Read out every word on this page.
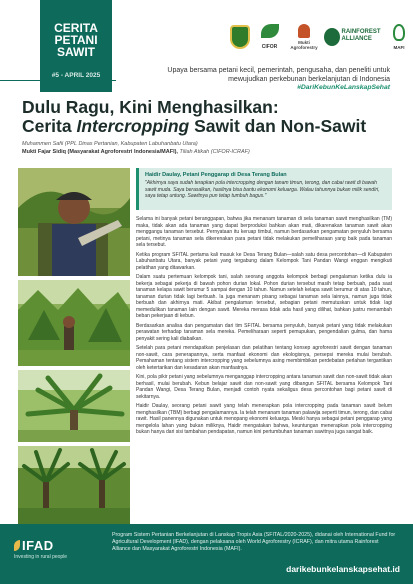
CERITA
PETANI
SAWIT
#5 - APRIL 2025
CIFOR
Mukti Agroforestry
RAINFOREST ALLIANCE
MAFI
Upaya bersama petani kecil, pemerintah, pengusaha, dan peneliti untuk mewujudkan perkebunan berkelanjutan di Indonesia
#DariKebunKeLanskapSehat
Dulu Ragu, Kini Menghasilkan:
Cerita Intercropping Sawit dan Non-Sawit
Muhammen Safii (PPL Dinas Pertanian, Kabupaten Labuhanbatu Utara)
Mukti Fajar Sidiq (Masyarakat Agroforestri Indonesia/MAFI), Tiliah Atikah (CIFOR-ICRAF)
Haidir Daulay, Petani Penggarap di Desa Terang Bulan
"Akhirnya saya sudah terapkan pola intercropping dengan tanam timun, terong, dan cabai rawit di bawah sawit muda. Saya berasalkan, hasilnya bisa bantu ekonomi keluarga. Walau tahunnya bukan milik sendiri, saya tetap untung. Sawitnya pun tetap tumbuh bagus."

Selama ini banyak petani beranggapan, bahwa jika menanam tanaman di sela tanaman sawit menghasilkan (TM) maka, tidak akan ada tanaman yang dapat berproduksi bahkan akan mati, dikarenakan tanaman sawit akan menggangu tanaman tersebut. Pernyataan itu keruap timbul, namun berdasarkan pengamatan penyuluh bersama petani, metinya tanaman sela dikerenakan para petani tidak melakukan pemeliharaan yang baik pada tanaman sela tersebut.

Ketika program SFITAL pertama kali masuk ke Desa Terang Bulan—salah satu desa percontohan—di Kabupaten Labuhanbatu Utara, banyak petani yang tergabung dalam Kelompok Tani Pandan Wangi enggan mengikuti pelatihan yang ditawarkan.

Dalam suatu pertemuan kelompok tani, salah seorang anggota kelompok berbagi pengalaman ketika dulu ia bekerja sebagai pekerja di bawah pohon durian lokal. Pohon durian tersebut masih tetap berbuah, pada saat tanaman kelapa sawit berumur 5 sampai dengan 10 tahun. Namun setelah kelapa sawit berumur di atas 10 tahun, tanaman durian tidak lagi berbuah. Ia juga menanam pisang sebagai tanaman sela lainnya, namun juga tidak berbuah dan akhirnya mati. Akibat pengalaman tersebut, sebagian petani memutuskan untuk tidak lagi memedulikan tanaman lain dengan sawit. Mereka merasa tidak ada hasil yang dilihat, bahkan justru menambah beban pekerjaan di kebun.

Berdasarkan analisa dan pengamatan dari tim SFITAL bersama penyuluh, banyak petani yang tidak melakukan perawatan terhadap tanaman sela mereka. Pemeliharaan seperti pemupukan, pengendalian gulma, dan hama penyakit sering kali diabaikan.

Setelah para petani mendapatkan penjelasan dan pelatihan tentang konsep agroforestri sawit dengan tanaman non-sawit, cara penerapannya, serta manfaat ekonomi dan ekologisnya, persepsi mereka mulai berubah. Pemahaman tentang sistem intercropping yang sebelumnya asing membimbikan perdebatan perlahan tergantikan oleh ketertarikan dan kesadaran akan manfaatnya.

Kini, pola pikir petani yang sebelumnya menganggap intercropping antara tanaman sawit dan non-sawit tidak akan berhasil, mulai berubah. Kebun belajar sawit dan non-sawit yang dibangun SFITAL bersama Kelompok Tani Pandan Wangi, Desa Terang Bulan, menjadi contoh nyata sekaligus desa percontohan bagi petani sawit di sekitarnya.

Haidir Daulay, seorang petani sawit yang telah menerapkan pola intercropping pada tanaman sawit belum menghasilkan (TBM) berbagi pengalamannya. Ia telah menanam tanaman palawija seperti timun, terong, dan cabai rawit. Hasil panennya digunakan untuk menopang ekonomi keluarga. Meski hanya sebagai petani penggarap yang mengelola lahan yang bukan miliknya, Haidir mengatakan bahwa, keuntungan menerapkan pola intercropping bukan hanya dari sisi tambahan pendapatan, namun kini pertumbuhan tanaman sawitnya juga sangat baik.

IFAD
Investing in rural people
Program Sistem Pertanian Berkelanjutan di Lanskap Tropis Asia (SFITAL/2020-2025), didanai oleh International Fund for Agricultural Development (IFAD), dengan pelaksana oleh World Agroforestry (ICRAF), dan mitra utama Rainforest Alliance dan Masyarakat Agroforestri Indonesia (MAFI).
darikebunkelanskapsehat.id
